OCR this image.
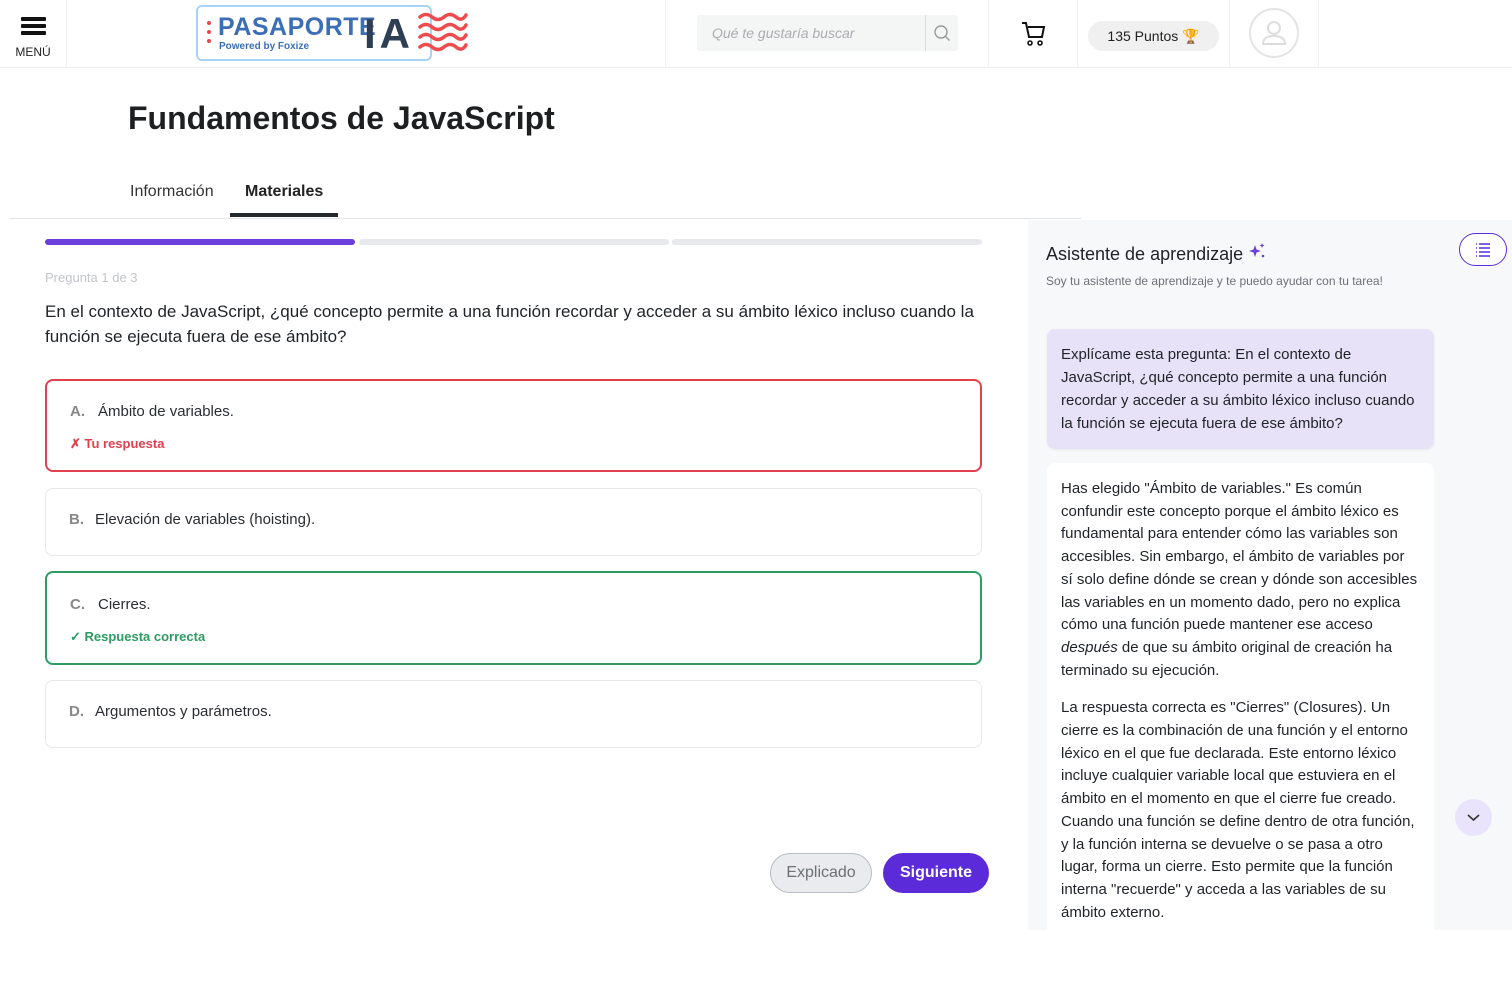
MENÚ
PASAPORTE
Powered by Foxize IA	Qué te gustaría buscar	135 Puntos 🏆
Fundamentos de JavaScript
Información Materiales
Pregunta 1 de 3
En el contexto de JavaScript, ¿qué concepto permite a una función recordar y acceder a su ámbito léxico incluso cuando la función se ejecuta fuera de ese ámbito?
A. Ámbito de variables.
✗ Tu respuesta
B. Elevación de variables (hoisting).
C. Cierres.
✓ Respuesta correcta
D. Argumentos y parámetros.
Explicado	Siguiente
Asistente de aprendizaje
Soy tu asistente de aprendizaje y te puedo ayudar con tu tarea!
Explícame esta pregunta: En el contexto de JavaScript, ¿qué concepto permite a una función recordar y acceder a su ámbito léxico incluso cuando la función se ejecuta fuera de ese ámbito?

Has elegido "Ámbito de variables." Es común confundir este concepto porque el ámbito léxico es fundamental para entender cómo las variables son accesibles. Sin embargo, el ámbito de variables por sí solo define dónde se crean y dónde son accesibles las variables en un momento dado, pero no explica cómo una función puede mantener ese acceso después de que su ámbito original de creación ha terminado su ejecución.

La respuesta correcta es "Cierres" (Closures). Un cierre es la combinación de una función y el entorno léxico en el que fue declarada. Este entorno léxico incluye cualquier variable local que estuviera en el ámbito en el momento en que el cierre fue creado. Cuando una función se define dentro de otra función, y la función interna se devuelve o se pasa a otro lugar, forma un cierre. Esto permite que la función interna "recuerde" y acceda a las variables de su ámbito externo.
